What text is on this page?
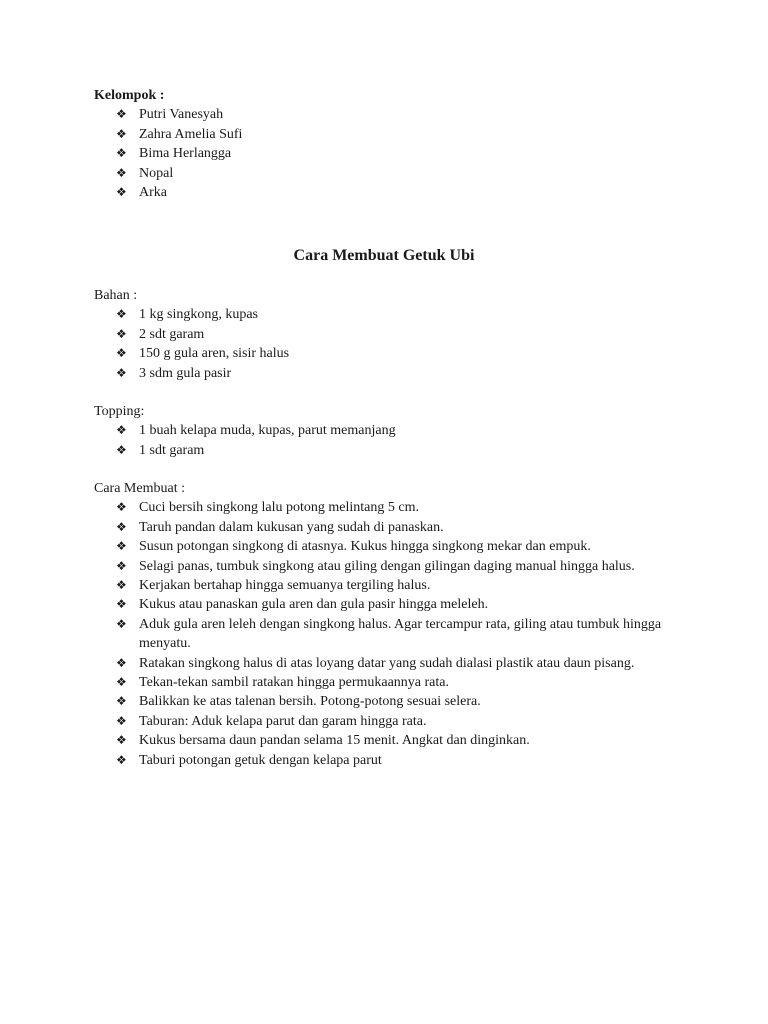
Kelompok :

❖ Putri Vanesyah
❖ Zahra Amelia Sufi
❖ Bima Herlangga
❖ Nopal
❖ Arka
Cara Membuat Getuk Ubi

Bahan :

❖ 1 kg singkong, kupas
❖ 2 sdt garam
❖ 150 g gula aren, sisir halus
❖ 3 sdm gula pasir

Topping:

❖ 1 buah kelapa muda, kupas, parut memanjang
❖ 1 sdt garam

Cara Membuat :

❖ Cuci bersih singkong lalu potong melintang 5 cm.
❖ Taruh pandan dalam kukusan yang sudah di panaskan.
❖ Susun potongan singkong di atasnya. Kukus hingga singkong mekar dan empuk.
❖ Selagi panas, tumbuk singkong atau giling dengan gilingan daging manual hingga halus.
❖ Kerjakan bertahap hingga semuanya tergiling halus.
❖ Kukus atau panaskan gula aren dan gula pasir hingga meleleh.
❖ Aduk gula aren leleh dengan singkong halus. Agar tercampur rata, giling atau tumbuk hingga menyatu.
❖ Ratakan singkong halus di atas loyang datar yang sudah dialasi plastik atau daun pisang.
❖ Tekan-tekan sambil ratakan hingga permukaannya rata.
❖ Balikkan ke atas talenan bersih. Potong-potong sesuai selera.
❖ Taburan: Aduk kelapa parut dan garam hingga rata.
❖ Kukus bersama daun pandan selama 15 menit. Angkat dan dinginkan.
❖ Taburi potongan getuk dengan kelapa parut
